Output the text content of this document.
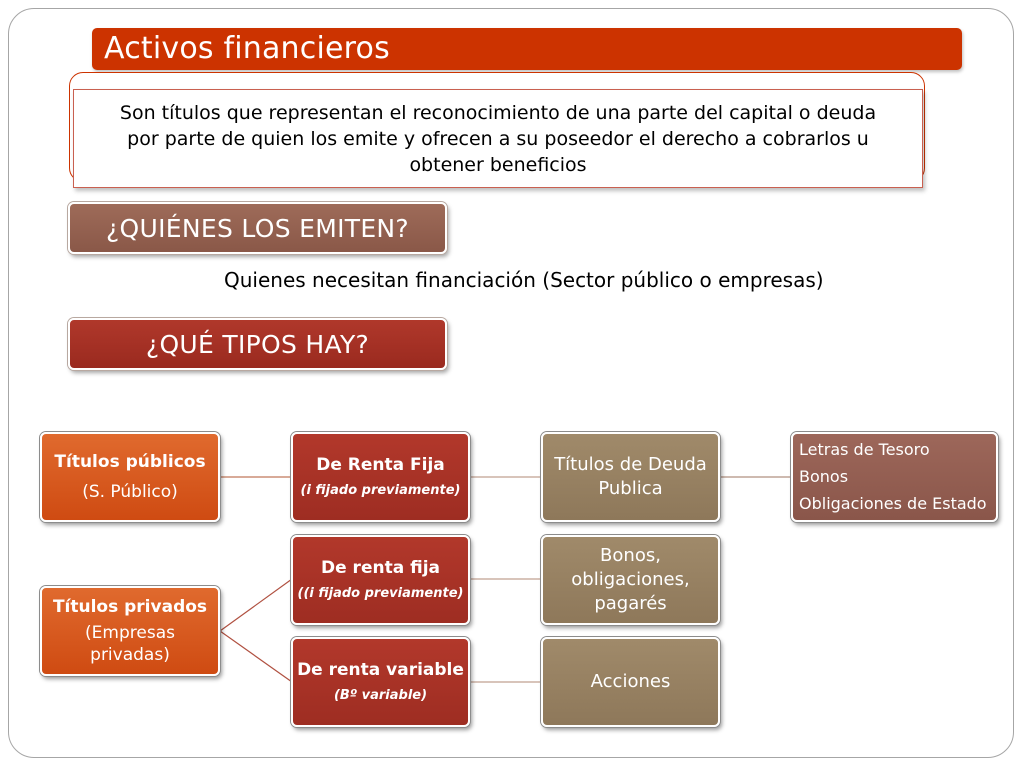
Activos financieros
Son títulos que representan el reconocimiento de una parte del capital o deuda por parte de quien los emite y ofrecen a su poseedor el derecho a cobrarlos u obtener beneficios
¿QUIÉNES LOS EMITEN?
Quienes necesitan financiación (Sector público o empresas)
¿QUÉ TIPOS HAY?
Títulos públicos
(S. Público)
De Renta Fija
(i fijado previamente)
Títulos de Deuda Publica
Letras de Tesoro
Bonos
Obligaciones de Estado
Títulos privados
(Empresas privadas)
De renta fija
((i fijado previamente)
De renta variable
(Bº variable)
Bonos, obligaciones, pagarés
Acciones
